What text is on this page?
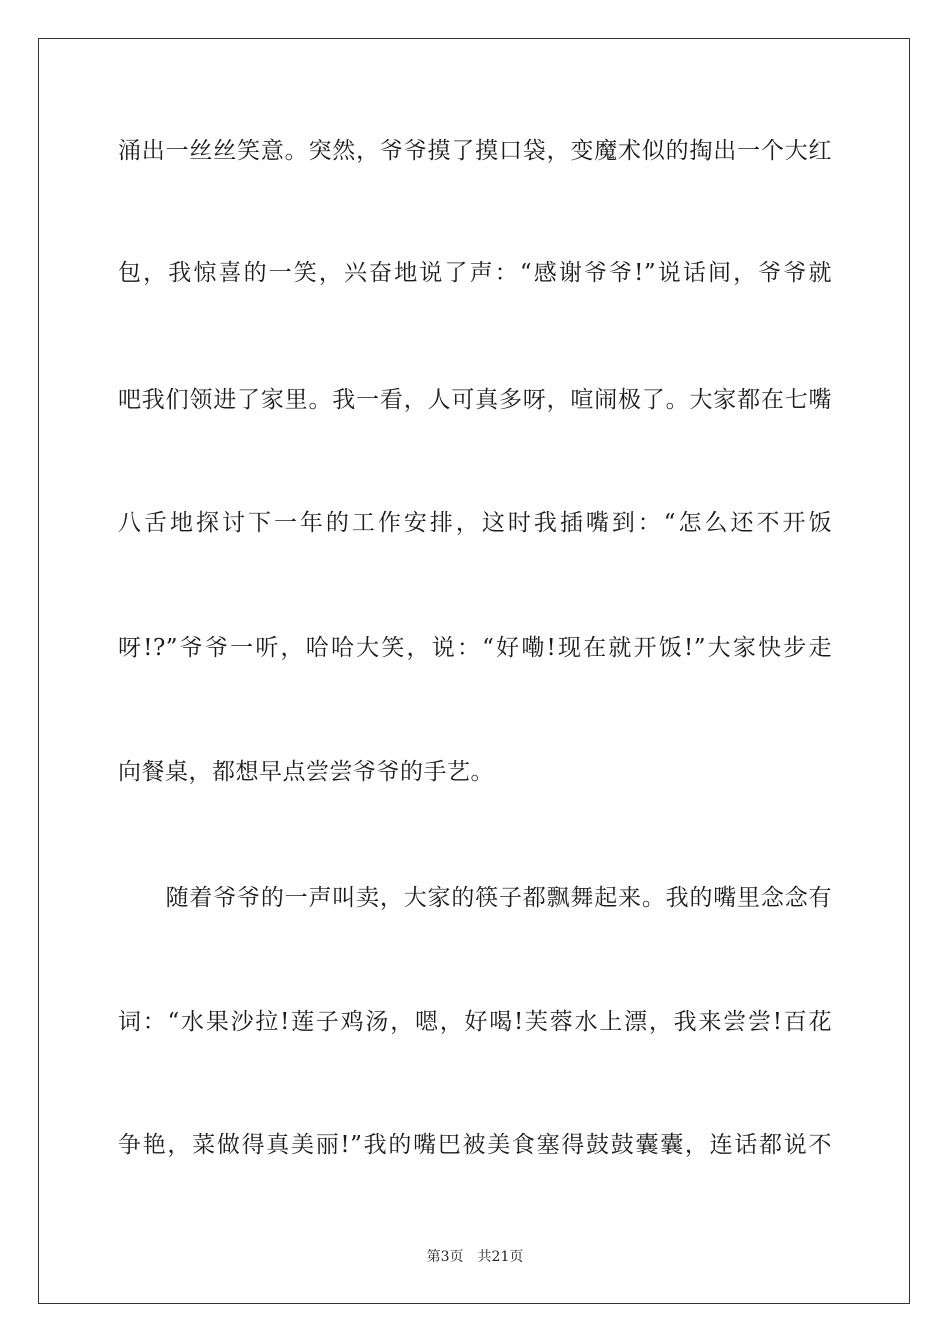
涌出一丝丝笑意。突然，爷爷摸了摸口袋，变魔术似的掏出一个大红
包，我惊喜的一笑，兴奋地说了声：“感谢爷爷!”说话间，爷爷就
吧我们领进了家里。我一看，人可真多呀，喧闹极了。大家都在七嘴
八舌地探讨下一年的工作安排，这时我插嘴到：“怎么还不开饭
呀!?”爷爷一听，哈哈大笑，说：“好嘞!现在就开饭!”大家快步走
向餐桌，都想早点尝尝爷爷的手艺。
　　随着爷爷的一声叫卖，大家的筷子都飘舞起来。我的嘴里念念有
词：“水果沙拉!莲子鸡汤，嗯，好喝!芙蓉水上漂，我来尝尝!百花
争艳，菜做得真美丽!”我的嘴巴被美食塞得鼓鼓囊囊，连话都说不
第3页　共21页
